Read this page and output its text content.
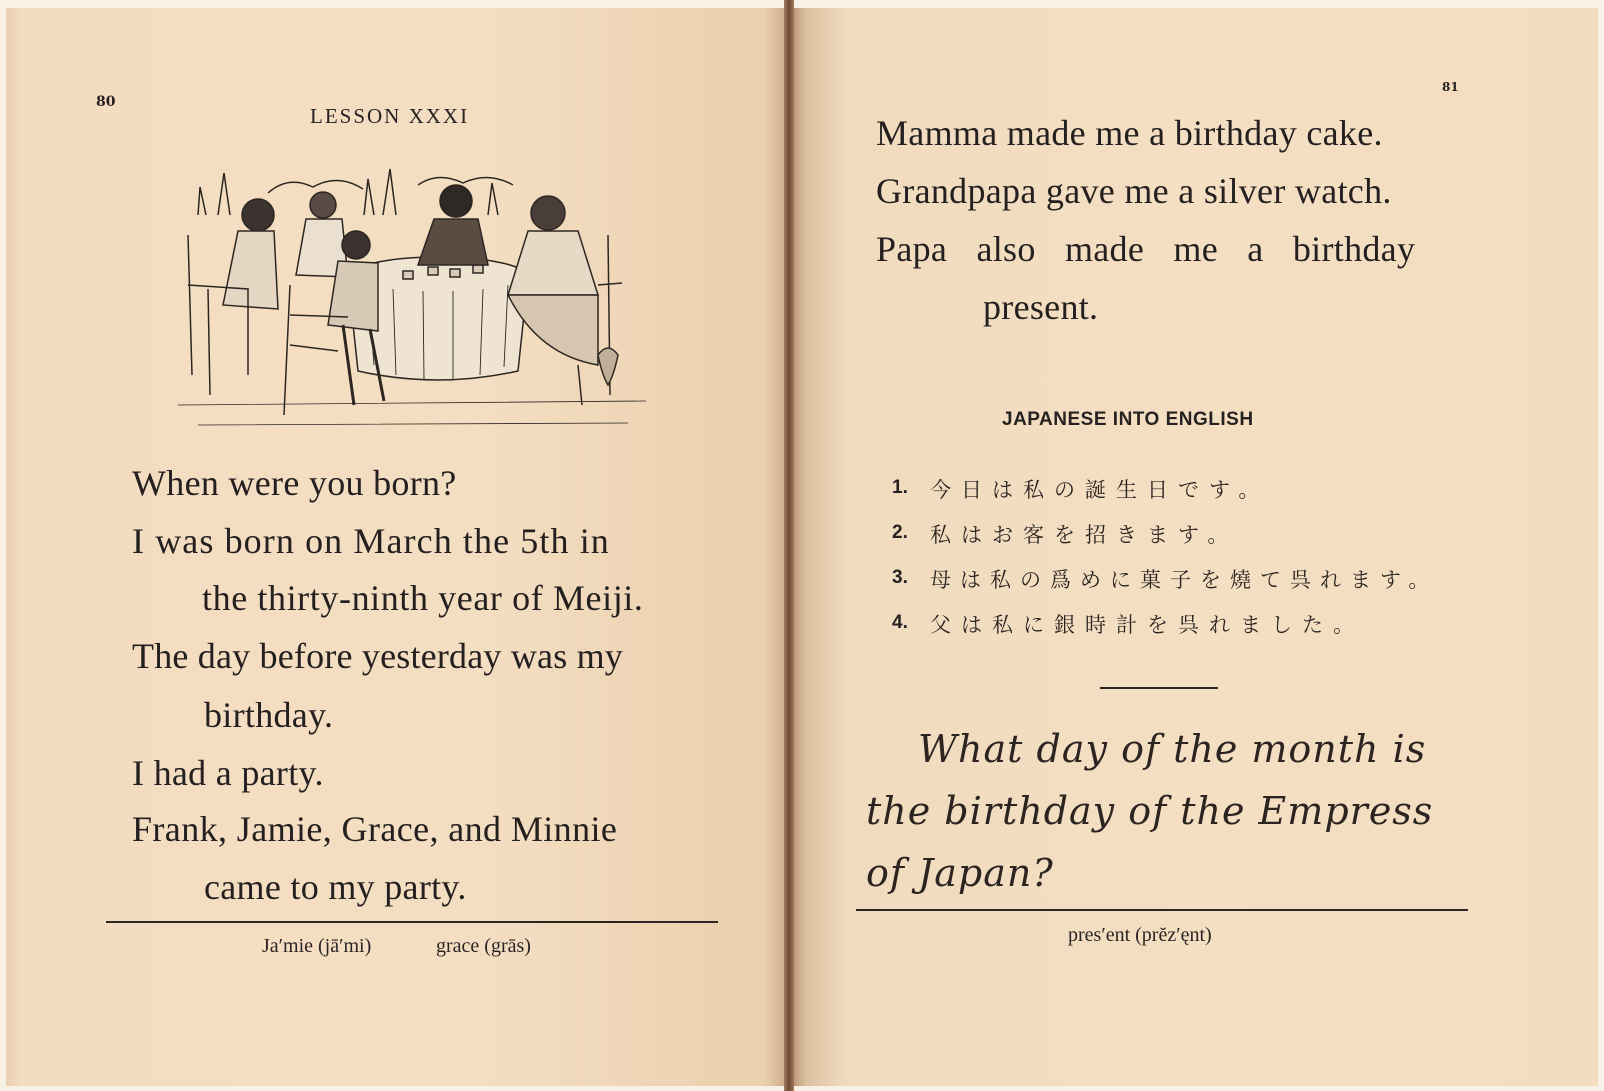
80
LESSON XXXI
When were you born?
I was born on March the 5th in
the thirty-ninth year of Meiji.
The day before yesterday was my
birthday.
I had a party.
Frank, Jamie, Grace, and Minnie
came to my party.
Ja′mie (jā′mi)	grace (grās)
81
Mamma made me a birthday cake.
Grandpapa gave me a silver watch.
Papa also made me a birthday
present.
JAPANESE INTO ENGLISH
1. 今日は私の誕生日です。
2. 私はお客を招きます。
3. 母は私の爲めに菓子を燒て呉れます。
4. 父は私に銀時計を呉れました。
What day of the month is
the birthday of the Empress
of Japan?
pres′ent (prĕz′ęnt)
